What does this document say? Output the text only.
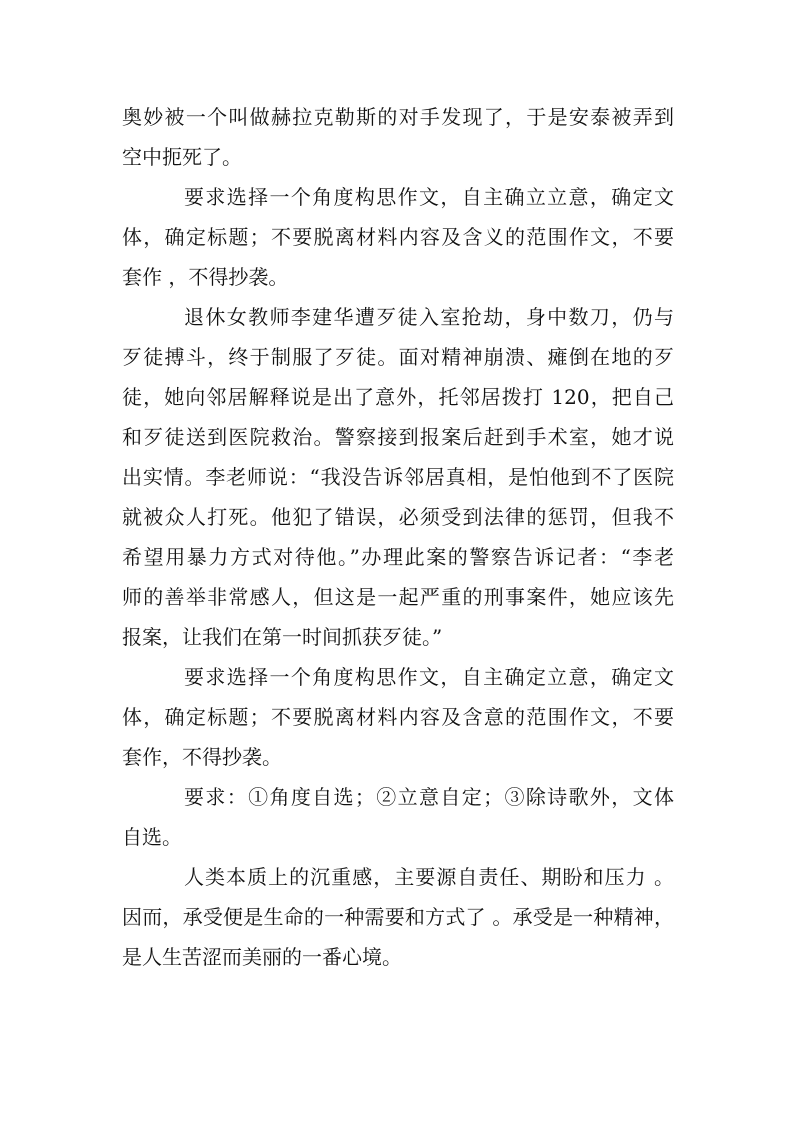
奥妙被一个叫做赫拉克勒斯的对手发现了，于是安泰被弄到
空中扼死了。
要求选择一个角度构思作文，自主确立立意，确定文
体，确定标题；不要脱离材料内容及含义的范围作文，不要
套作 ，不得抄袭。
退休女教师李建华遭歹徒入室抢劫，身中数刀，仍与
歹徒搏斗，终于制服了歹徒。面对精神崩溃、瘫倒在地的歹
徒，她向邻居解释说是出了意外，托邻居拨打 120，把自己
和歹徒送到医院救治。警察接到报案后赶到手术室，她才说
出实情。李老师说：“我没告诉邻居真相，是怕他到不了医院
就被众人打死。他犯了错误，必须受到法律的惩罚，但我不
希望用暴力方式对待他。”办理此案的警察告诉记者：“李老
师的善举非常感人，但这是一起严重的刑事案件，她应该先
报案，让我们在第一时间抓获歹徒。”
要求选择一个角度构思作文，自主确定立意，确定文
体，确定标题；不要脱离材料内容及含意的范围作文，不要
套作，不得抄袭。
要求：①角度自选；②立意自定；③除诗歌外，文体
自选。
人类本质上的沉重感，主要源自责任、期盼和压力 。
因而，承受便是生命的一种需要和方式了 。承受是一种精神，
是人生苦涩而美丽的一番心境。
